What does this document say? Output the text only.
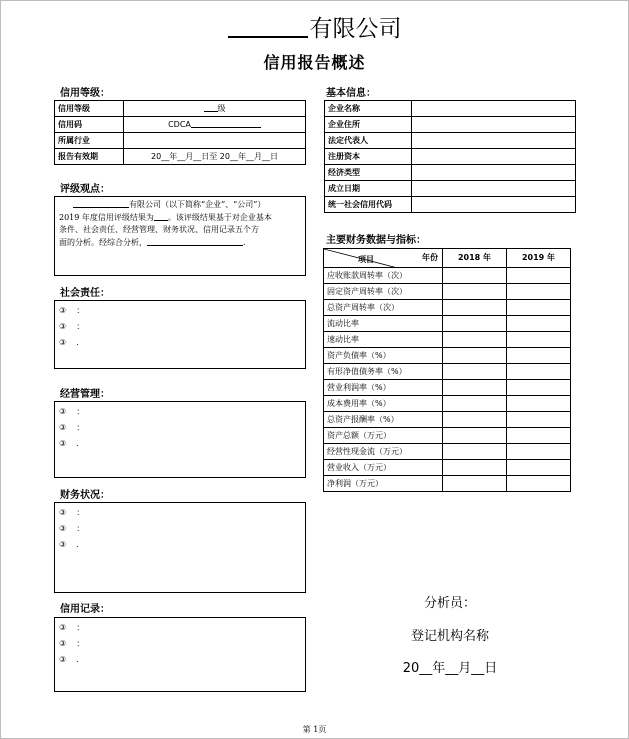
有限公司
信用报告概述
信用等级：
信用等级	级
信用码	CDCA
所属行业	
报告有效期	20__年__月__日至 20__年__月__日
评级观点：
有限公司（以下简称“企业”、“公司”）
2019 年度信用评级结果为 。该评级结果基于对企业基本
条件、社会责任、经营管理、财务状况、信用记录五个方
面的分析。经综合分析，	.
社会责任：
③ ：
③ ：
③ .
经营管理：
③ ：
③ ：
③ .
财务状况：
③ ：
③ ：
③ .
信用记录：
③ ：
③ ：
③ .
基本信息：
企业名称	
企业住所	
法定代表人	
注册资本	
经济类型	
成立日期	
统一社会信用代码	
主要财务数据与指标：
年份
项目	2018 年	2019 年
应收账款周转率（次）		
固定资产周转率（次）		
总资产周转率（次）		
流动比率		
速动比率		
资产负债率（%）		
有形净值债务率（%）		
营业利润率（%）		
成本费用率（%）		
总资产报酬率（%）		
资产总额（万元）		
经营性现金流（万元）		
营业收入（万元）		
净利润（万元）		
分析员：
登记机构名称
20__年__月__日
第 1页
